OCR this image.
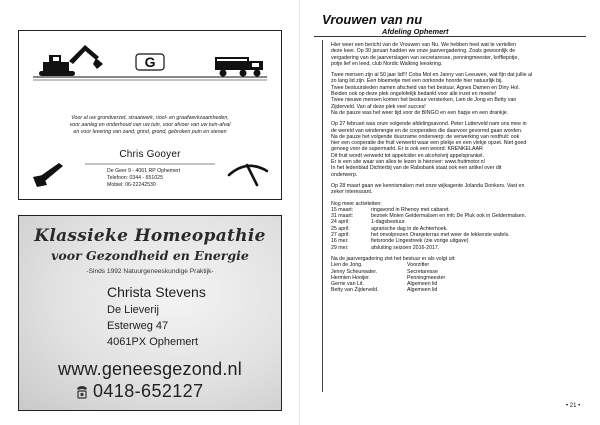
G
Voor al uw grondverzet, straatwerk, riool- en graafwerkzaamheden,
voor aanleg en onderhoud van uw tuin, voor afvoer van uw tuin-afval
en voor levering van zand, grind, grond, gebroken puin en stenen
Chris Gooyer
De Geer 9 - 4061 RP Ophemert
Telefoon: 0344 - 651025
Mobiel: 06-22242530
Klassieke Homeopathie
voor Gezondheid en Energie
-Sinds 1992 Natuurgeneeskundige Praktijk-
Christa Stevens
De Lieverij
Esterweg 47
4061PX Ophemert
www.geneesgezond.nl
0418-652127
Vrouwen van nu
Afdeling Ophemert
Hier weer een bericht van de Vrouwen van Nu. We hebben heel wat te vertellen
deze keer. Op 30 januari hadden we onze jaarvergadering. Zoals gewoonlijk de
vergadering van de jaarverslagen van secretaresse, penningmeester, koffiepotje,
potje lief en leed, club Nordic Walking leeskring.
Twee mensen zijn al 50 jaar lid!!! Coba Mol en Janny van Leeuwen, wat fijn dat jullie al
zo lang lid zijn. Een bloemetje met een oorkonde hoorde hier natuurlijk bij.
Twee bestuursleden namen afscheid van het bestuur, Agnes Damen en Diny Hol.
Beiden ook op deze plek ongelofelijk bedankt voor alle inzet en moeite!
Twee nieuwe mensen komen het bestuur versterken, Lien de Jong en Betty van
Zijderveld. Van af deze plek veel succes!
Na de pauze was het weer tijd voor de BINGO en een hapje en een drankje.
Op 27 februari was onze volgende afdelingsavond. Peter Lutterveld nam ons mee in
de wereld van windenergie en de cooperaties die daarvoor gevormd gaan worden.
Na de pauze het volgende duurzame onderwerp: de verwerking van restfruit: ook
hier een cooperatie die fruit verwerkt waar een plekje en een vlekje opzet. Niet goed
genoeg voor de supermarkt. Er is ook een woord: KRENKELAAR
Dit fruit wordt verwerkt tot appelcider en alcoholvrij appelsprankel.
Er is een site waar van alles te lezen is hierover: www.fruitmotor.nl
In het ledenblad Dichterbij van de Rabobank staat ook een artikel over dit
onderwerp.
Op 28 maart gaan we kennismaken met onze wijkagente Jolanda Donkers. Vast en
zeker interessant.
Nog meer activiteiten:
15 maart:	ringavond in Rhenoy met cabaret.
31 maart:	bezoek Molen Geldermalsen en mfc De Pluk ook in Geldermalsen.
24 april:	1-dagsbestuur.
25 april:	agrarische dag in de Achterhoek.
27 april:	het onvolprezen Oranjeterras met weer de lekkerste wafels.
16 mei:	fietsronde Lingestreek (zie vorige uitgave)
29 mei:	afsluiting seizoen 2016-2017.
Na de jaarvergadering ziet het bestuur er als volgt uit:
Lien de Jong.	Voorzitter
Jenny Scheurwater.	Secretaresse
Hermien Hooijer.	Penningmeester
Gerrie van Lit.	Algemeen lid
Betty van Zijderveld.	Algemeen lid
• 21 •
